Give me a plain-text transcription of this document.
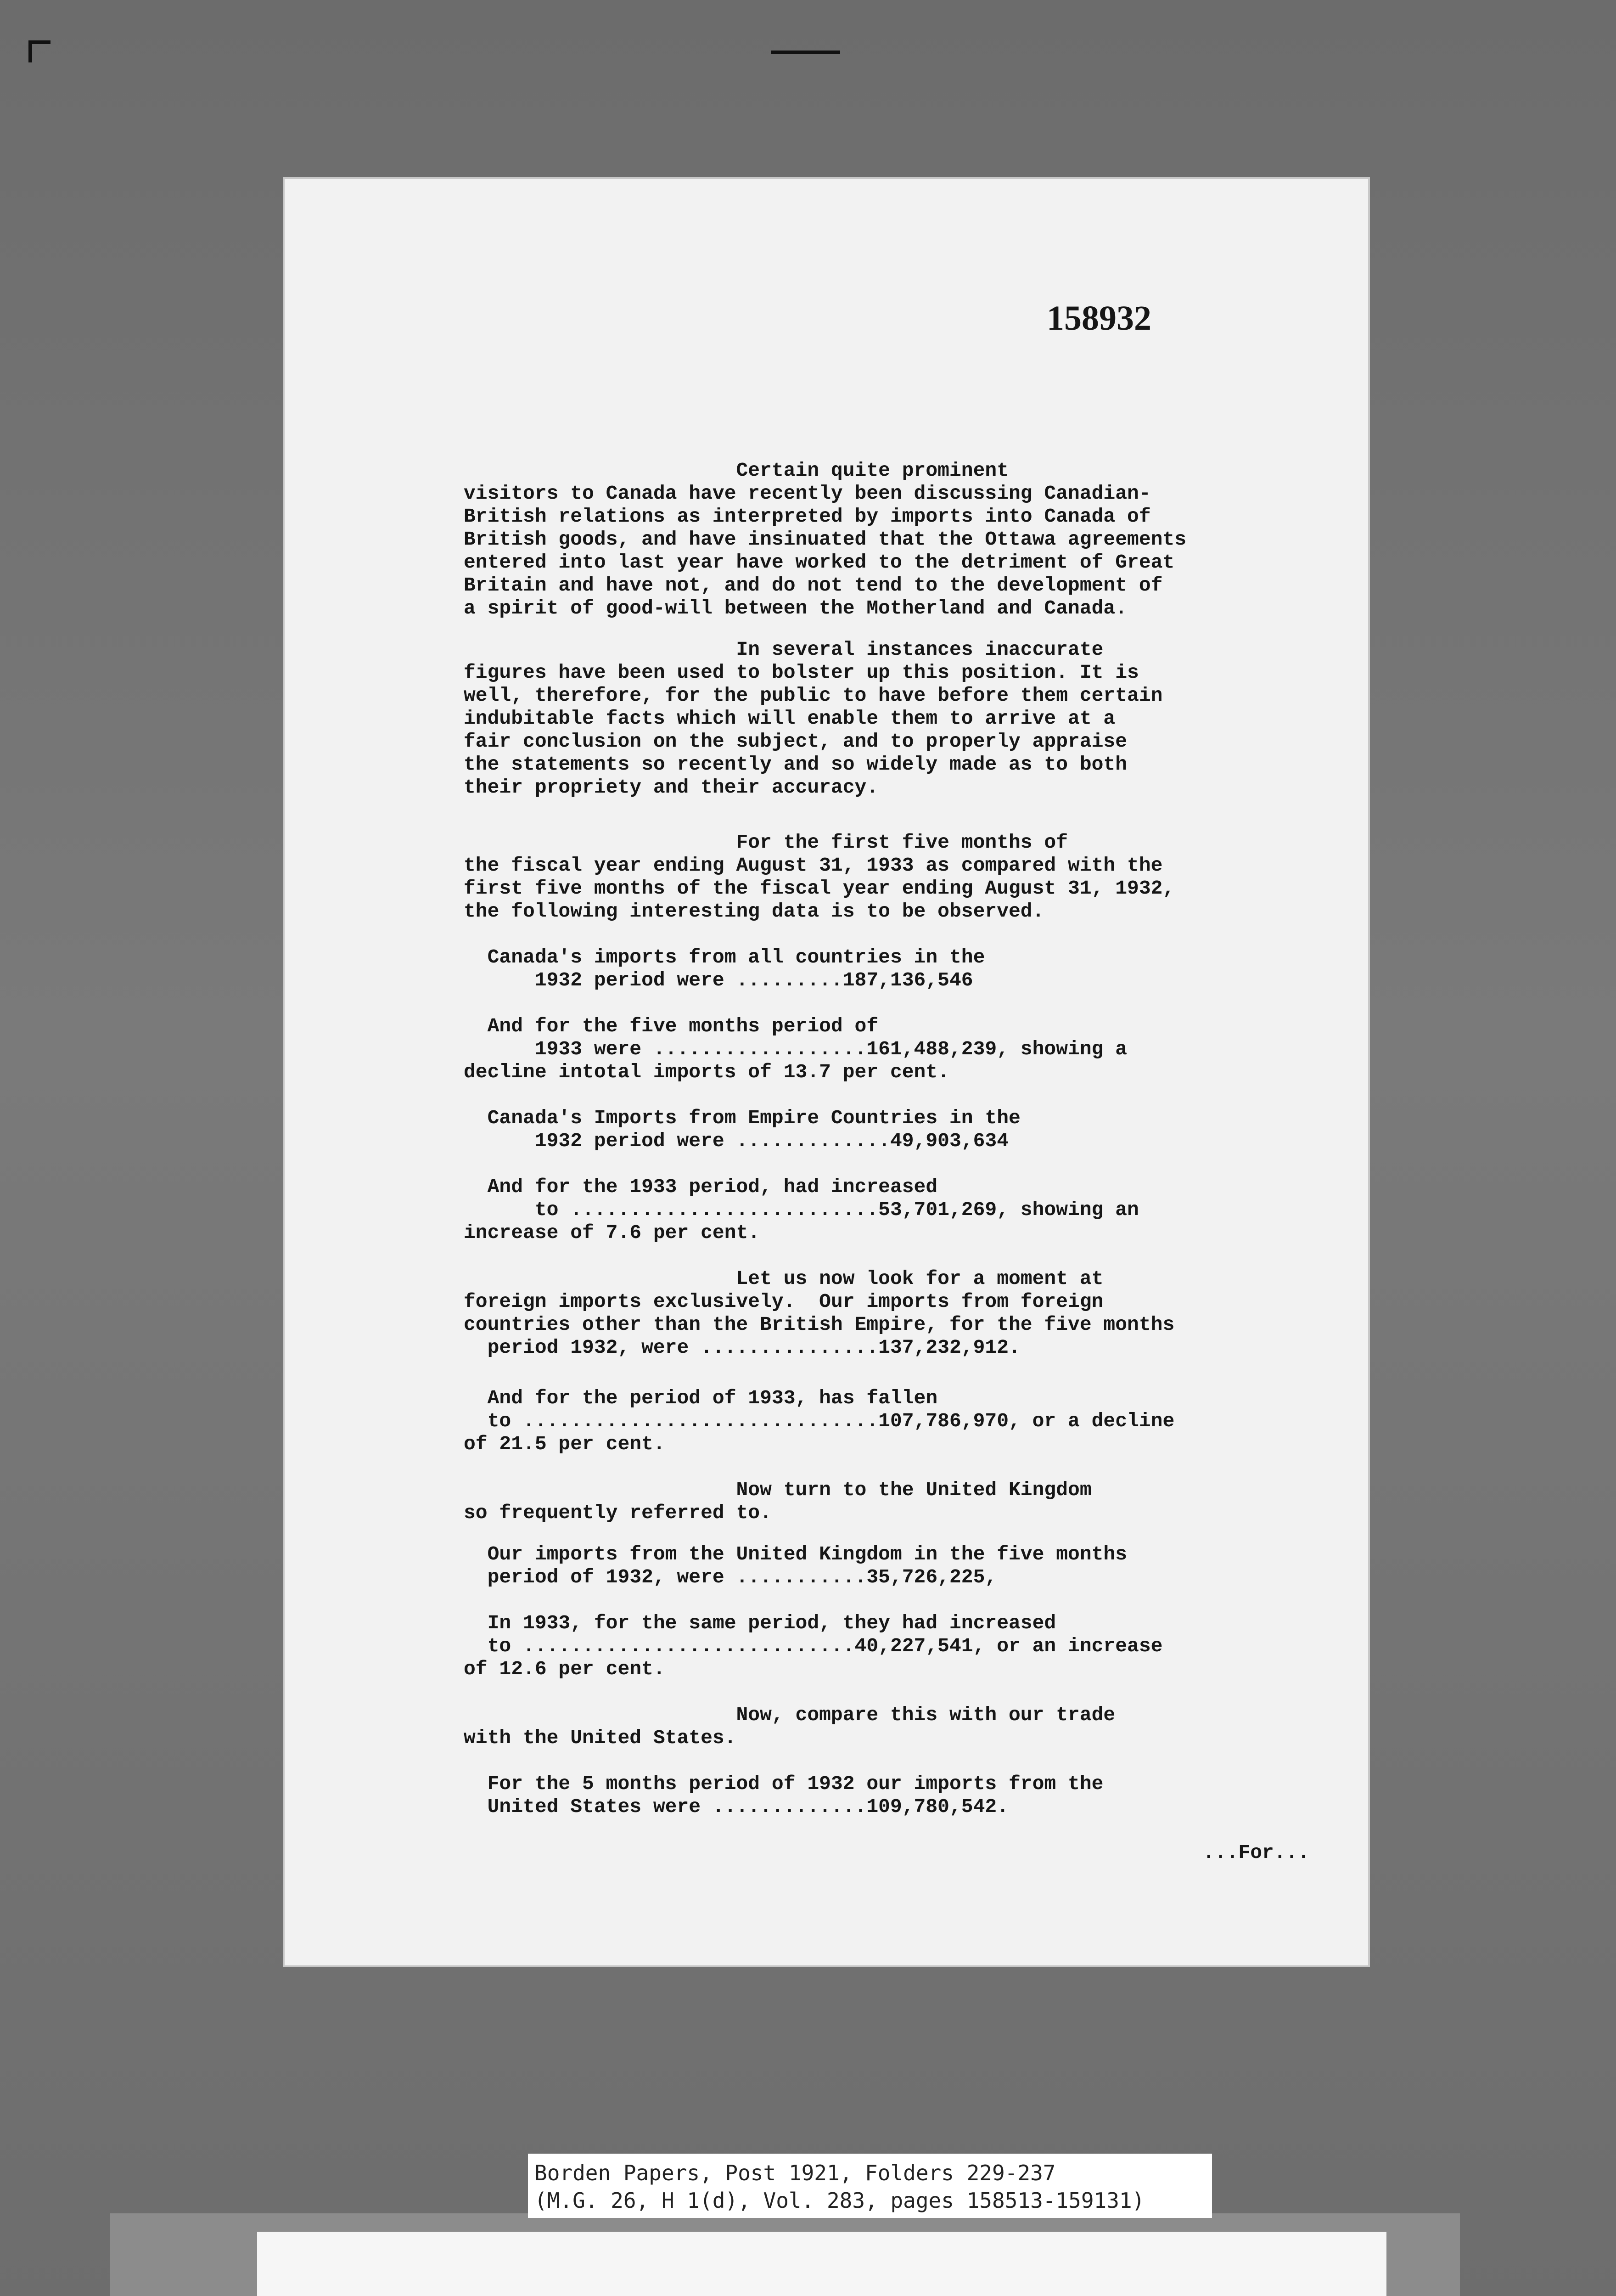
158932

Certain quite prominent
visitors to Canada have recently been discussing Canadian-
British relations as interpreted by imports into Canada of
British goods, and have insinuated that the Ottawa agreements
entered into last year have worked to the detriment of Great
Britain and have not, and do not tend to the development of
a spirit of good-will between the Motherland and Canada.

In several instances inaccurate
figures have been used to bolster up this position. It is
well, therefore, for the public to have before them certain
indubitable facts which will enable them to arrive at a
fair conclusion on the subject, and to properly appraise
the statements so recently and so widely made as to both
their propriety and their accuracy.

For the first five months of
the fiscal year ending August 31, 1933 as compared with the
first five months of the fiscal year ending August 31, 1932,
the following interesting data is to be observed.

Canada's imports from all countries in the
1932 period were .........187,136,546

And for the five months period of
1933 were ..................161,488,239, showing a
decline intotal imports of 13.7 per cent.

Canada's Imports from Empire Countries in the
1932 period were .............49,903,634

And for the 1933 period, had increased
to ..........................53,701,269, showing an
increase of 7.6 per cent.

Let us now look for a moment at
foreign imports exclusively.  Our imports from foreign
countries other than the British Empire, for the five months
period 1932, were ...............137,232,912.

And for the period of 1933, has fallen
to ..............................107,786,970, or a decline
of 21.5 per cent.

Now turn to the United Kingdom
so frequently referred to.

Our imports from the United Kingdom in the five months
period of 1932, were ...........35,726,225,

In 1933, for the same period, they had increased
to ............................40,227,541, or an increase
of 12.6 per cent.

Now, compare this with our trade
with the United States.

For the 5 months period of 1932 our imports from the
United States were .............109,780,542.

...For...
Borden Papers, Post 1921, Folders 229-237
(M.G. 26, H 1(d), Vol. 283, pages 158513-159131)
